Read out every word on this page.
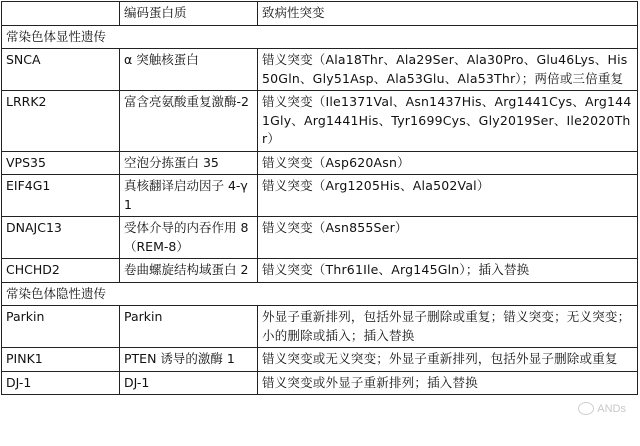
	编码蛋白质	致病性突变
常染色体显性遗传		
SNCA	α 突触核蛋白	错义突变（Ala18Thr、Ala29Ser、Ala30Pro、Glu46Lys、His50Gln、Gly51Asp、Ala53Glu、Ala53Thr）；两倍或三倍重复
LRRK2	富含亮氨酸重复激酶-2	错义突变（Ile1371Val、Asn1437His、Arg1441Cys、Arg1441Gly、Arg1441His、Tyr1699Cys、Gly2019Ser、Ile2020Thr）
VPS35	空泡分拣蛋白 35	错义突变（Asp620Asn）
EIF4G1	真核翻译启动因子 4-γ 1	错义突变（Arg1205His、Ala502Val）
DNAJC13	受体介导的内吞作用 8（REM-8）	错义突变（Asn855Ser）
CHCHD2	卷曲螺旋结构域蛋白 2	错义突变（Thr61Ile、Arg145Gln）；插入替换
常染色体隐性遗传		
Parkin	Parkin	外显子重新排列，包括外显子删除或重复；错义突变；无义突变；小的删除或插入；插入替换
PINK1	PTEN 诱导的激酶 1	错义突变或无义突变；外显子重新排列，包括外显子删除或重复
DJ-1	DJ-1	错义突变或外显子重新排列；插入替换
ANDs
